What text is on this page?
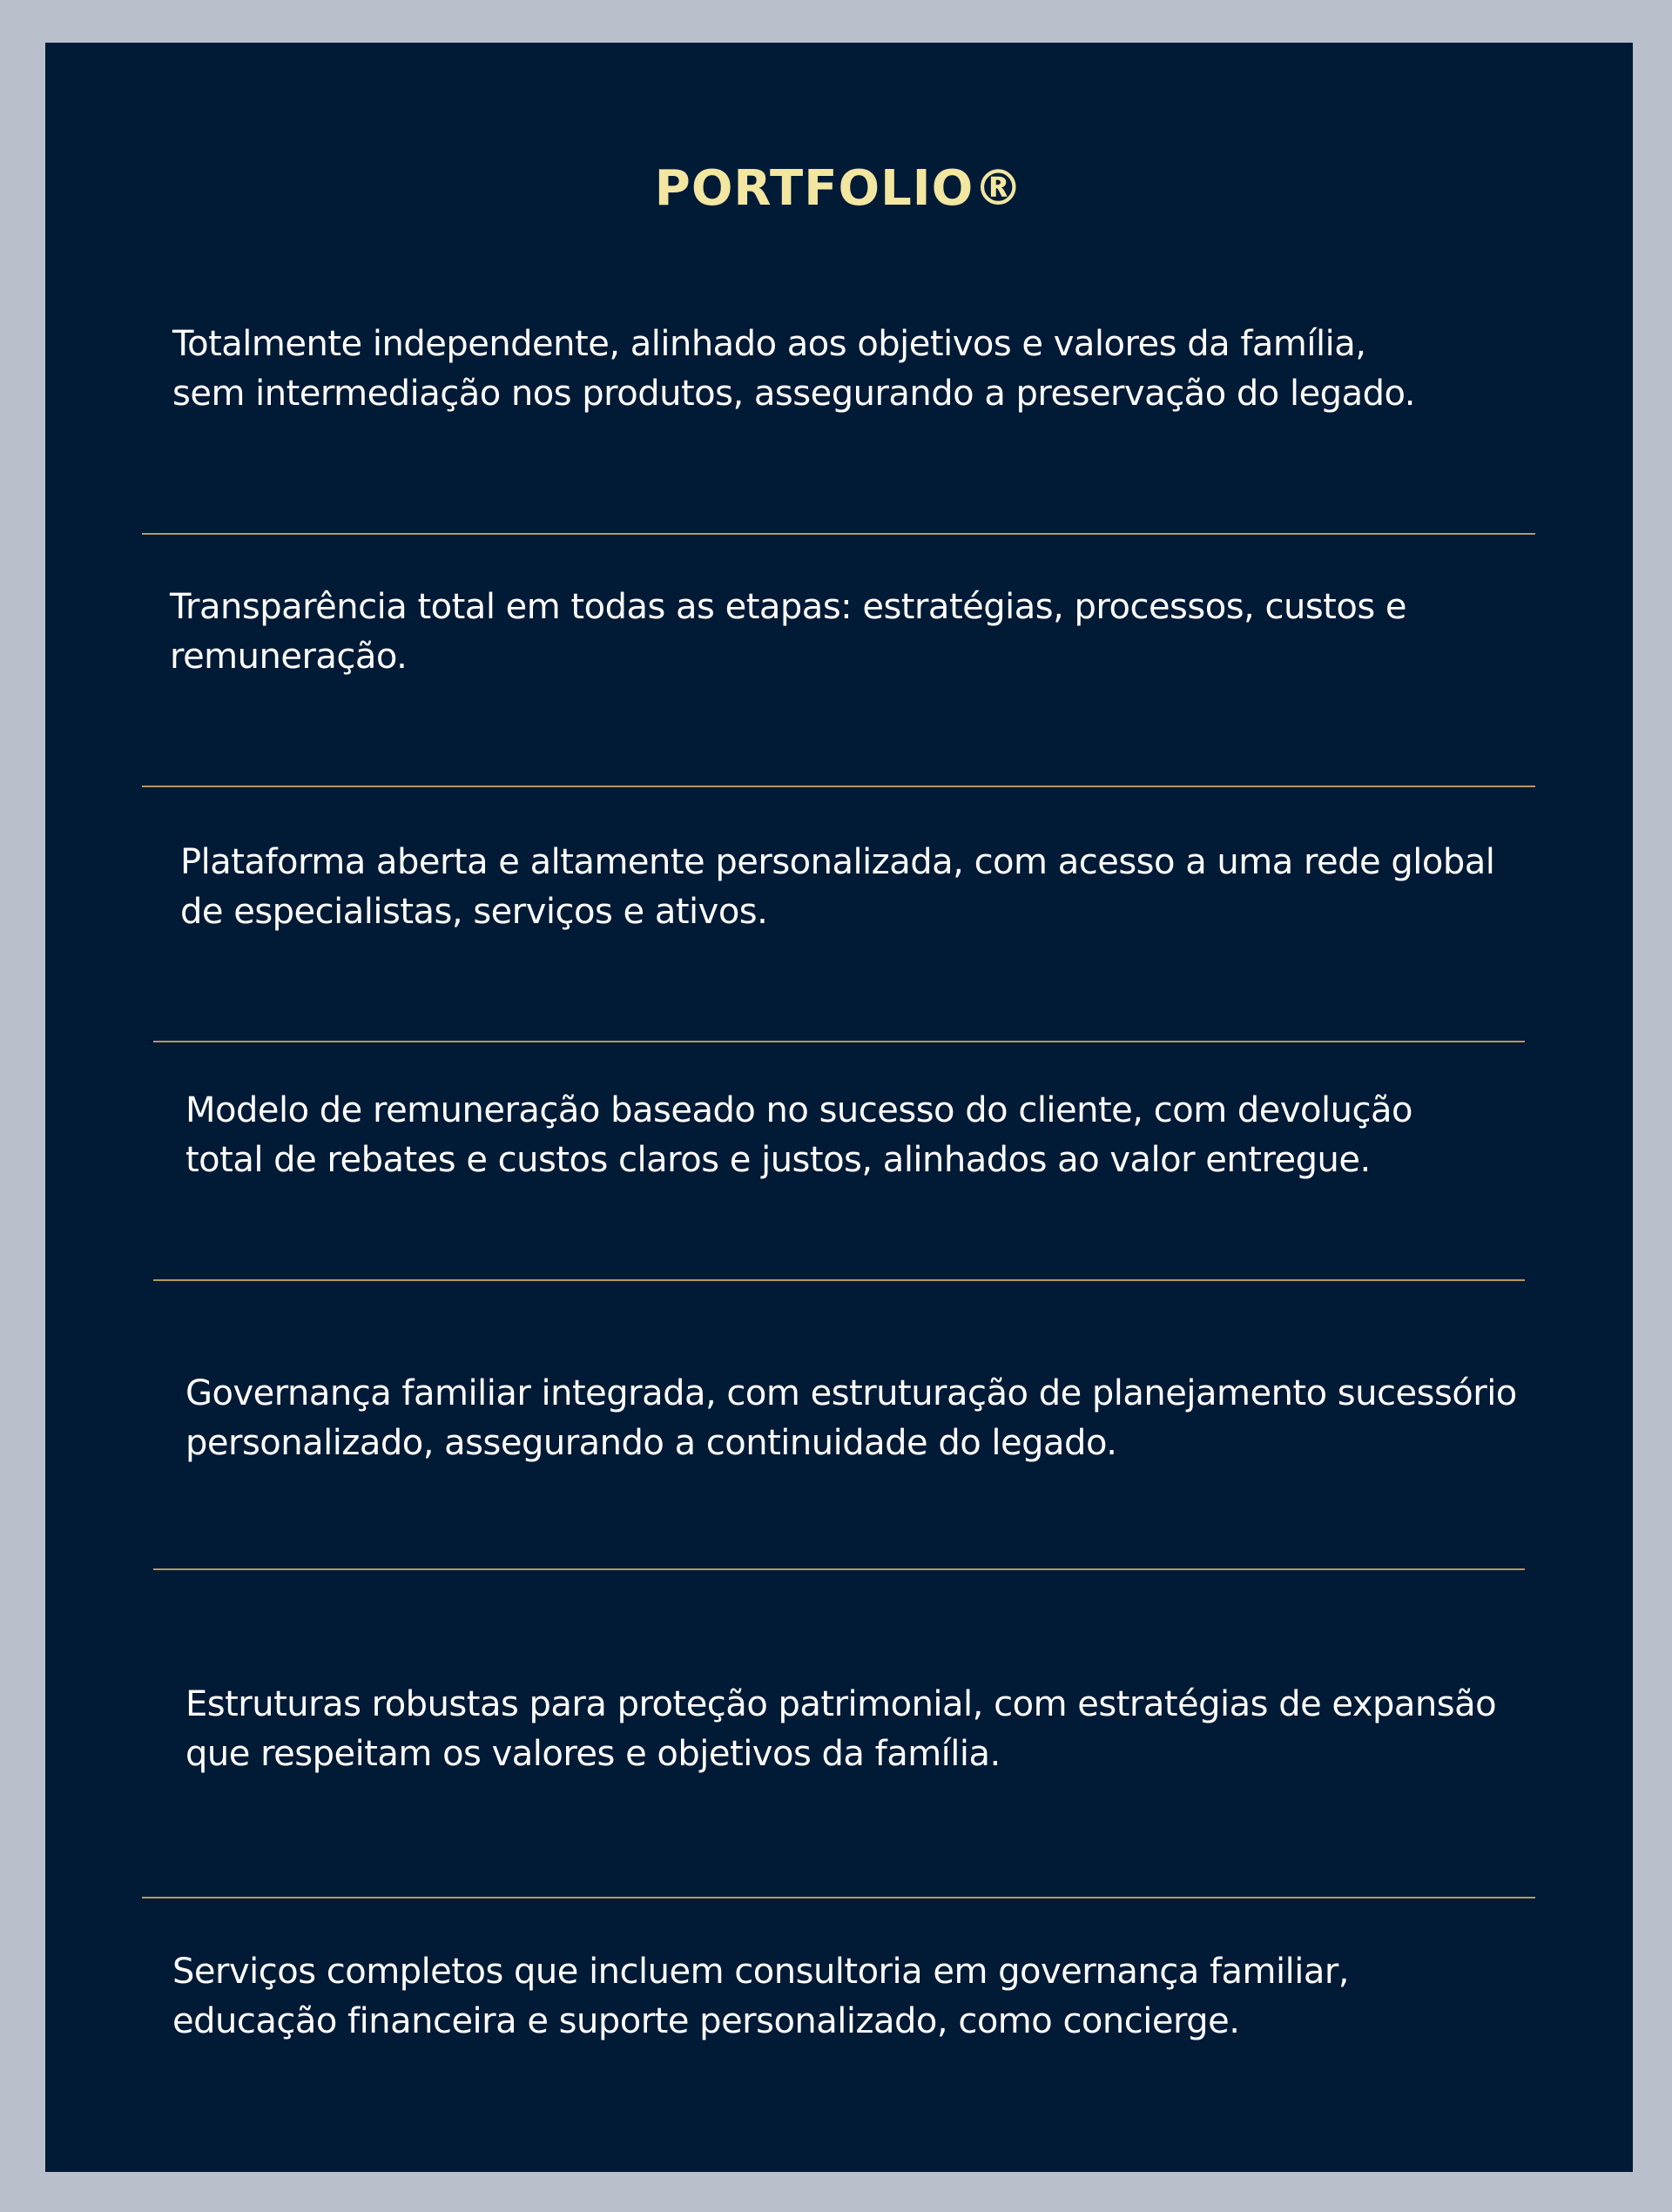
PORTFOLIO®

Totalmente independente, alinhado aos objetivos e valores da família, sem intermediação nos produtos, assegurando a preservação do legado.

Transparência total em todas as etapas: estratégias, processos, custos e remuneração.

Plataforma aberta e altamente personalizada, com acesso a uma rede global de especialistas, serviços e ativos.

Modelo de remuneração baseado no sucesso do cliente, com devolução total de rebates e custos claros e justos, alinhados ao valor entregue.

Governança familiar integrada, com estruturação de planejamento sucessório personalizado, assegurando a continuidade do legado.

Estruturas robustas para proteção patrimonial, com estratégias de expansão que respeitam os valores e objetivos da família.

Serviços completos que incluem consultoria em governança familiar, educação financeira e suporte personalizado, como concierge.
